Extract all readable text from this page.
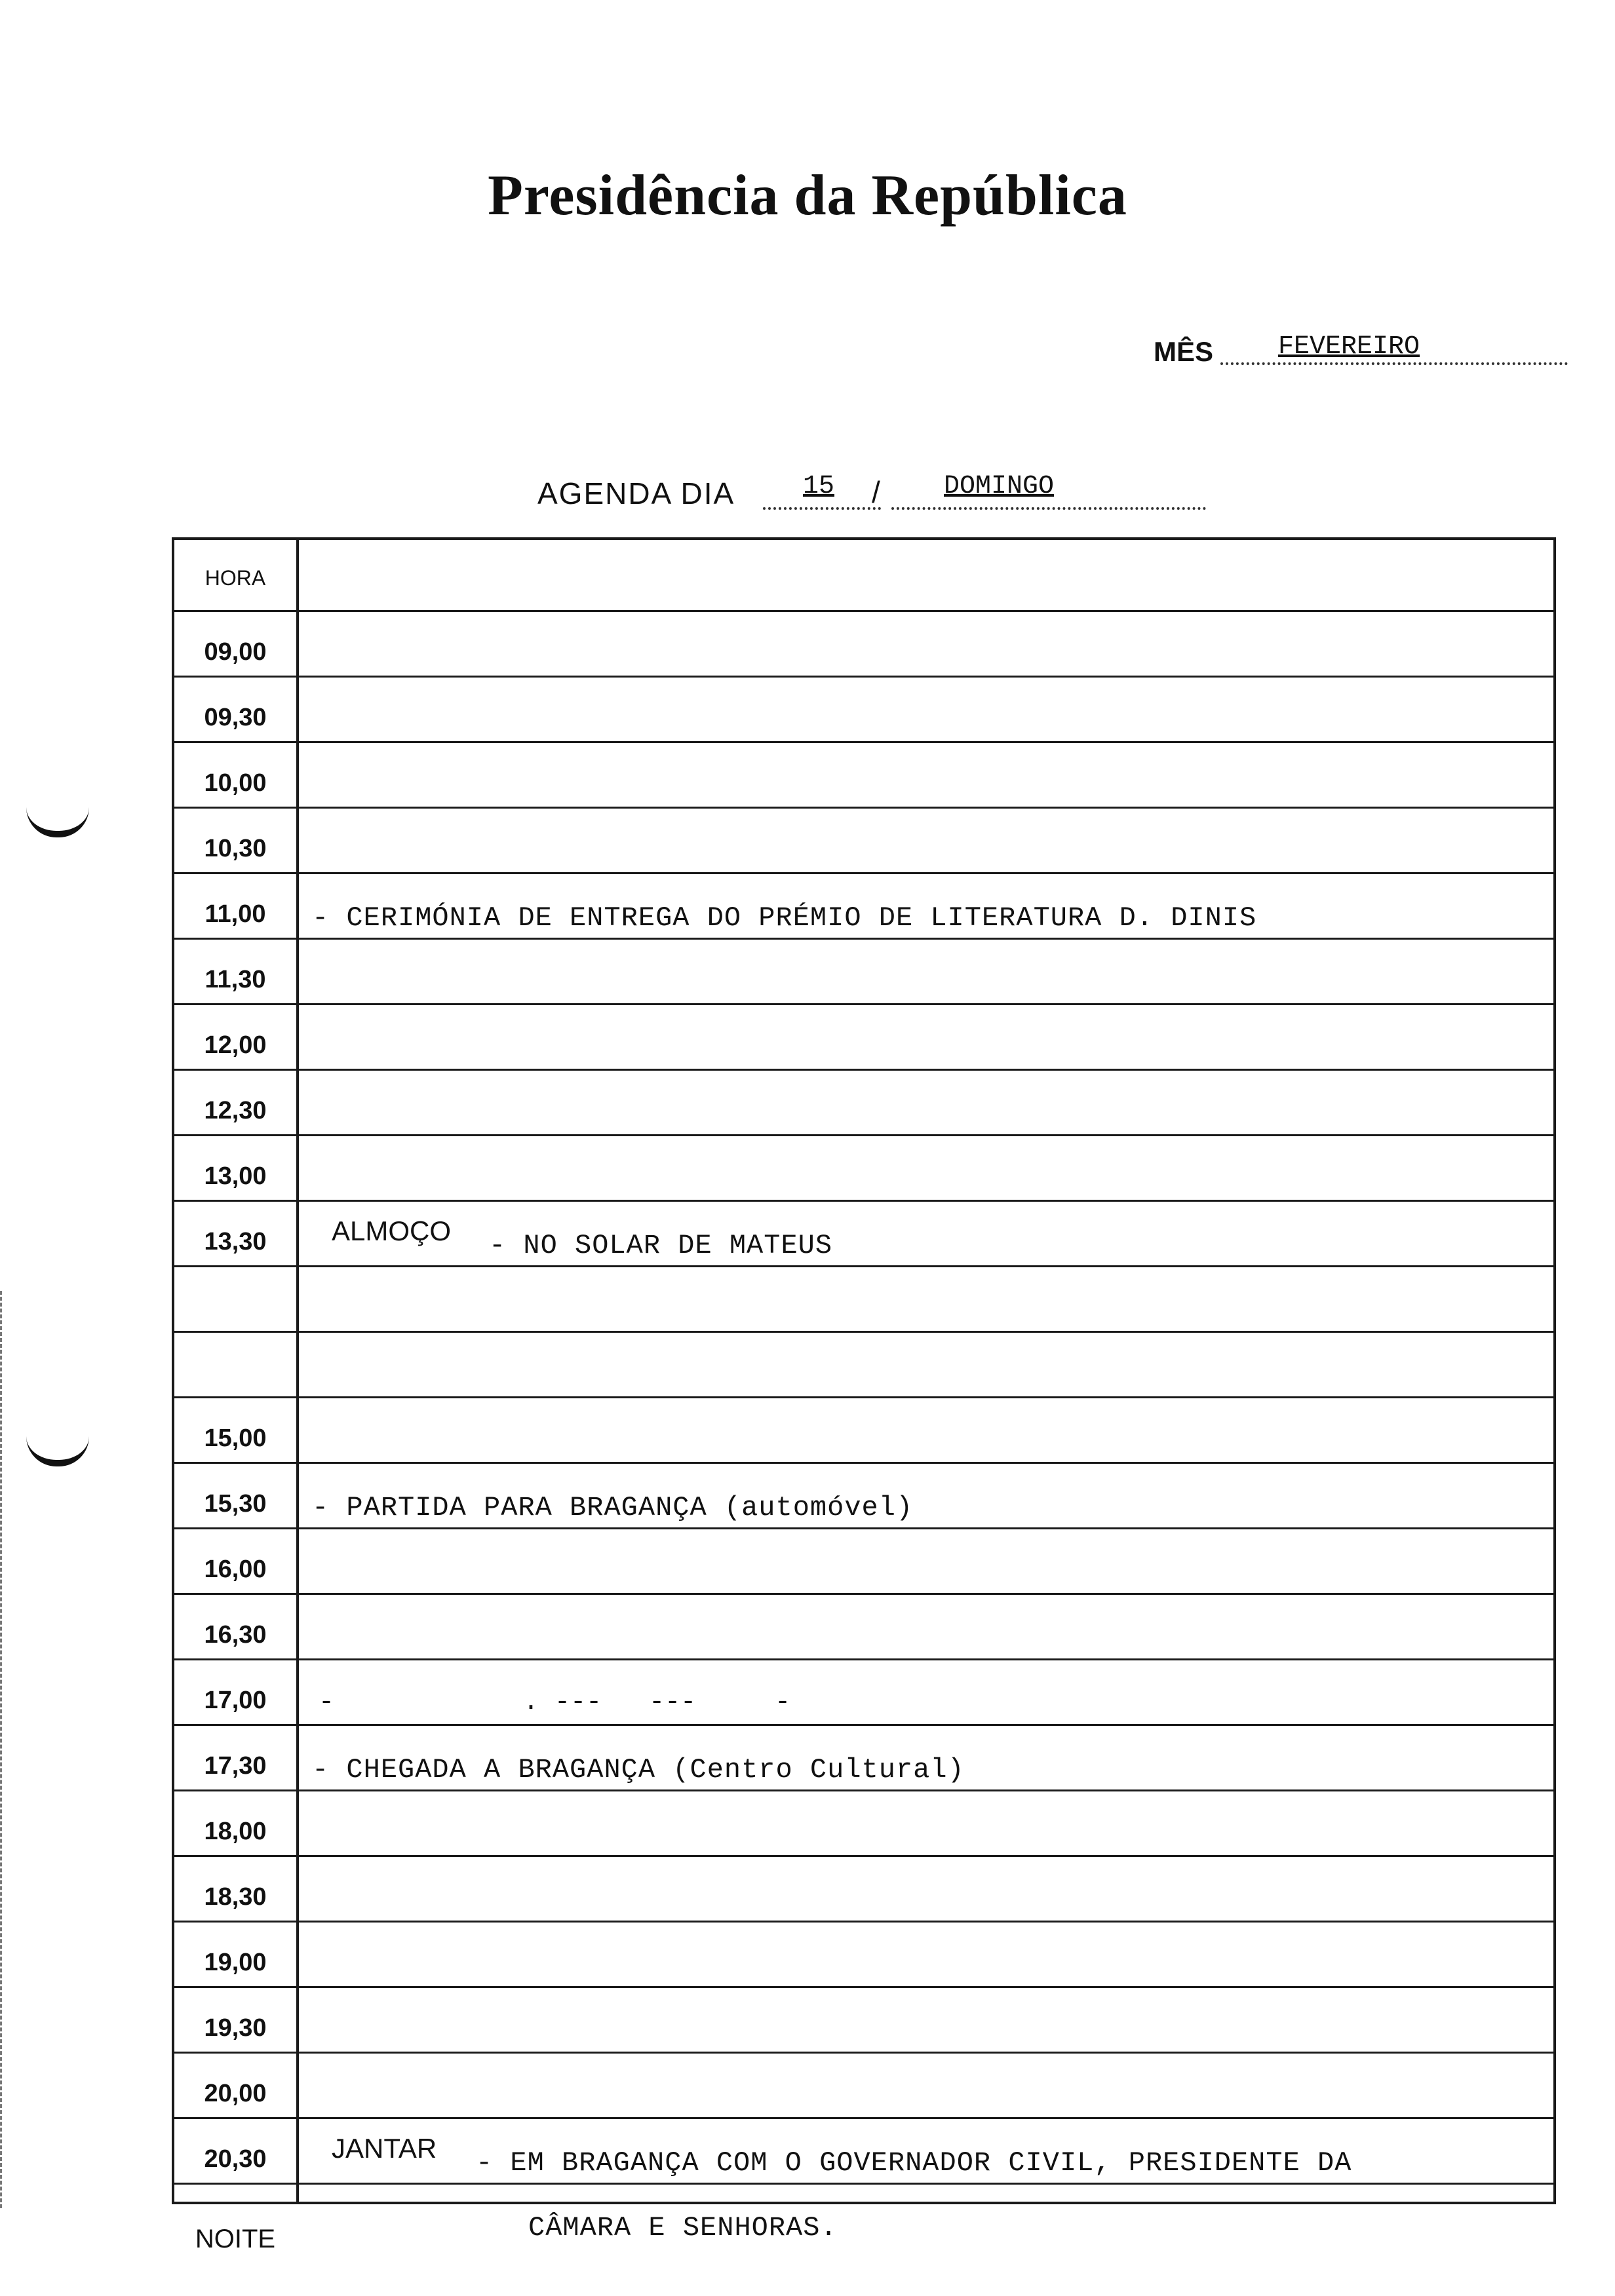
Presidência da República
MÊS FEVEREIRO
AGENDA DIA	15 / DOMINGO
HORA
09,00
09,30
10,00
10,30
11,00	- CERIMÓNIA DE ENTREGA DO PRÉMIO DE LITERATURA D. DINIS
11,30
12,00
12,30
13,00
13,30	ALMOÇO - NO SOLAR DE MATEUS
15,00
15,30	- PARTIDA PARA BRAGANÇA (automóvel)
16,00
16,30
17,00	-            . ---   ---     -
17,30	- CHEGADA A BRAGANÇA (Centro Cultural)
18,00
18,30
19,00
19,30
20,00
20,30	JANTAR - EM BRAGANÇA COM O GOVERNADOR CIVIL, PRESIDENTE DA
NOITE	CÂMARA E SENHORAS.
